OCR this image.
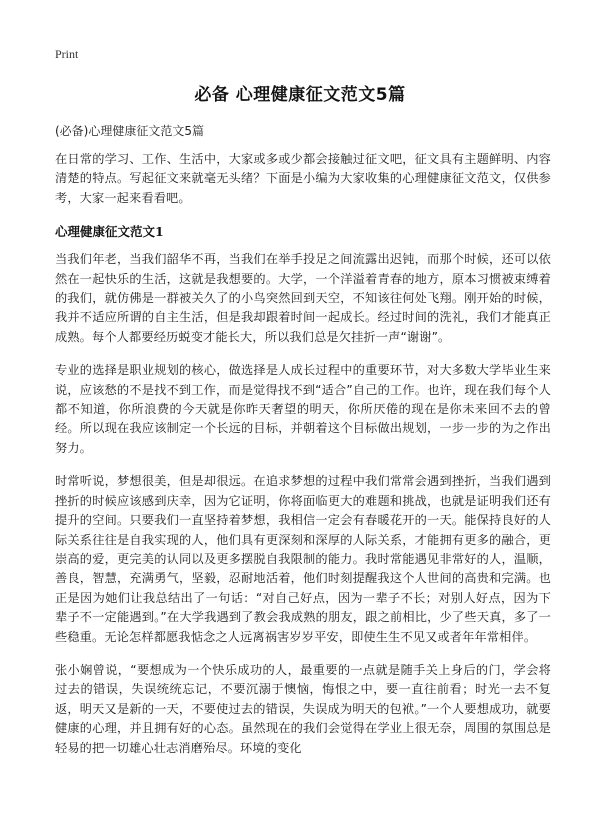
Print
必备 心理健康征文范文5篇
(必备)心理健康征文范文5篇

在日常的学习、工作、生活中，大家或多或少都会接触过征文吧，征文具有主题鲜明、内容清楚的特点。写起征文来就毫无头绪？下面是小编为大家收集的心理健康征文范文，仅供参考，大家一起来看看吧。

心理健康征文范文1

当我们年老，当我们韶华不再，当我们在举手投足之间流露出迟钝，而那个时候，还可以依然在一起快乐的生活，这就是我想要的。大学，一个洋溢着青春的地方，原本习惯被束缚着的我们，就仿佛是一群被关久了的小鸟突然回到天空，不知该往何处飞翔。刚开始的时候，我并不适应所谓的自主生活，但是我却跟着时间一起成长。经过时间的洗礼，我们才能真正成熟。每个人都要经历蜕变才能长大，所以我们总是欠挂折一声“谢谢”。

专业的选择是职业规划的核心，做选择是人成长过程中的重要环节，对大多数大学毕业生来说，应该愁的不是找不到工作，而是觉得找不到“适合”自己的工作。也许，现在我们每个人都不知道，你所浪费的今天就是你昨天奢望的明天，你所厌倦的现在是你未来回不去的曾经。所以现在我应该制定一个长远的目标，并朝着这个目标做出规划，一步一步的为之作出努力。

时常听说，梦想很美，但是却很远。在追求梦想的过程中我们常常会遇到挫折，当我们遇到挫折的时候应该感到庆幸，因为它证明，你将面临更大的难题和挑战，也就是证明我们还有提升的空间。只要我们一直坚持着梦想，我相信一定会有春暖花开的一天。能保持良好的人际关系往往是自我实现的人，他们具有更深刻和深厚的人际关系，才能拥有更多的融合，更崇高的爱，更完美的认同以及更多摆脱自我限制的能力。我时常能遇见非常好的人，温顺，善良，智慧，充满勇气，坚毅，忍耐地活着，他们时刻提醒我这个人世间的高贵和完满。也正是因为她们让我总结出了一句话：“对自己好点，因为一辈子不长；对别人好点，因为下辈子不一定能遇到。”在大学我遇到了教会我成熟的朋友，跟之前相比，少了些天真，多了一些稳重。无论怎样都愿我惦念之人远离祸害岁岁平安，即使生生不见又或者年年常相伴。

张小娴曾说，“要想成为一个快乐成功的人，最重要的一点就是随手关上身后的门，学会将过去的错误，失误统统忘记，不要沉溺于懊恼，悔恨之中，要一直往前看；时光一去不复返，明天又是新的一天，不要使过去的错误，失误成为明天的包袱。”一个人要想成功，就要健康的心理，并且拥有好的心态。虽然现在的我们会觉得在学业上很无奈，周围的氛围总是轻易的把一切雄心壮志消磨殆尽。环境的变化
